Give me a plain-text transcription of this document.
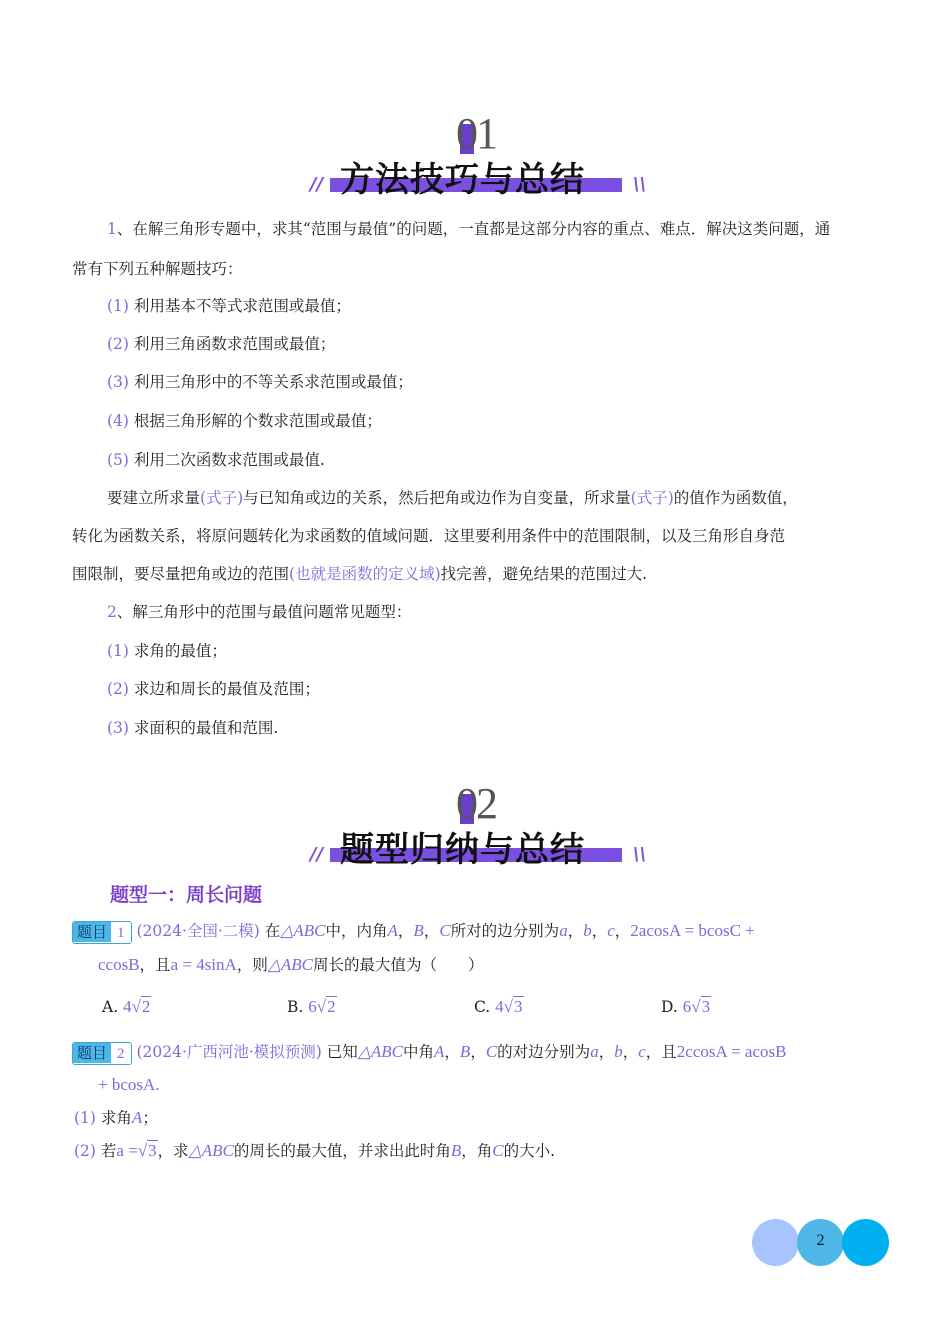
01
//	\\
方法技巧与总结
1、在解三角形专题中，求其“范围与最值”的问题，一直都是这部分内容的重点、难点．解决这类问题，通
常有下列五种解题技巧：
(1) 利用基本不等式求范围或最值；
(2) 利用三角函数求范围或最值；
(3) 利用三角形中的不等关系求范围或最值；
(4) 根据三角形解的个数求范围或最值；
(5) 利用二次函数求范围或最值.
要建立所求量(式子)与已知角或边的关系，然后把角或边作为自变量，所求量(式子)的值作为函数值，
转化为函数关系，将原问题转化为求函数的值域问题．这里要利用条件中的范围限制，以及三角形自身范
围限制，要尽量把角或边的范围(也就是函数的定义域)找完善，避免结果的范围过大.
2、解三角形中的范围与最值问题常见题型：
(1) 求角的最值；
(2) 求边和周长的最值及范围；
(3) 求面积的最值和范围.
02
//	\\
题型归纳与总结
题型一：周长问题
题目 1 (2024·全国·二模) 在△ABC中，内角A，B，C所对的边分别为a，b，c，2acosA = bcosC +
ccosB，且a = 4sinA，则△ABC周长的最大值为（　　）
A. 4√2	B. 6√2	C. 4√3	D. 6√3
题目 2 (2024·广西河池·模拟预测) 已知△ABC中角A，B，C的对边分别为a，b，c，且2ccosA = acosB
+ bcosA.
(1) 求角A；
(2) 若a =√3，求△ABC的周长的最大值，并求出此时角B，角C的大小.
2
